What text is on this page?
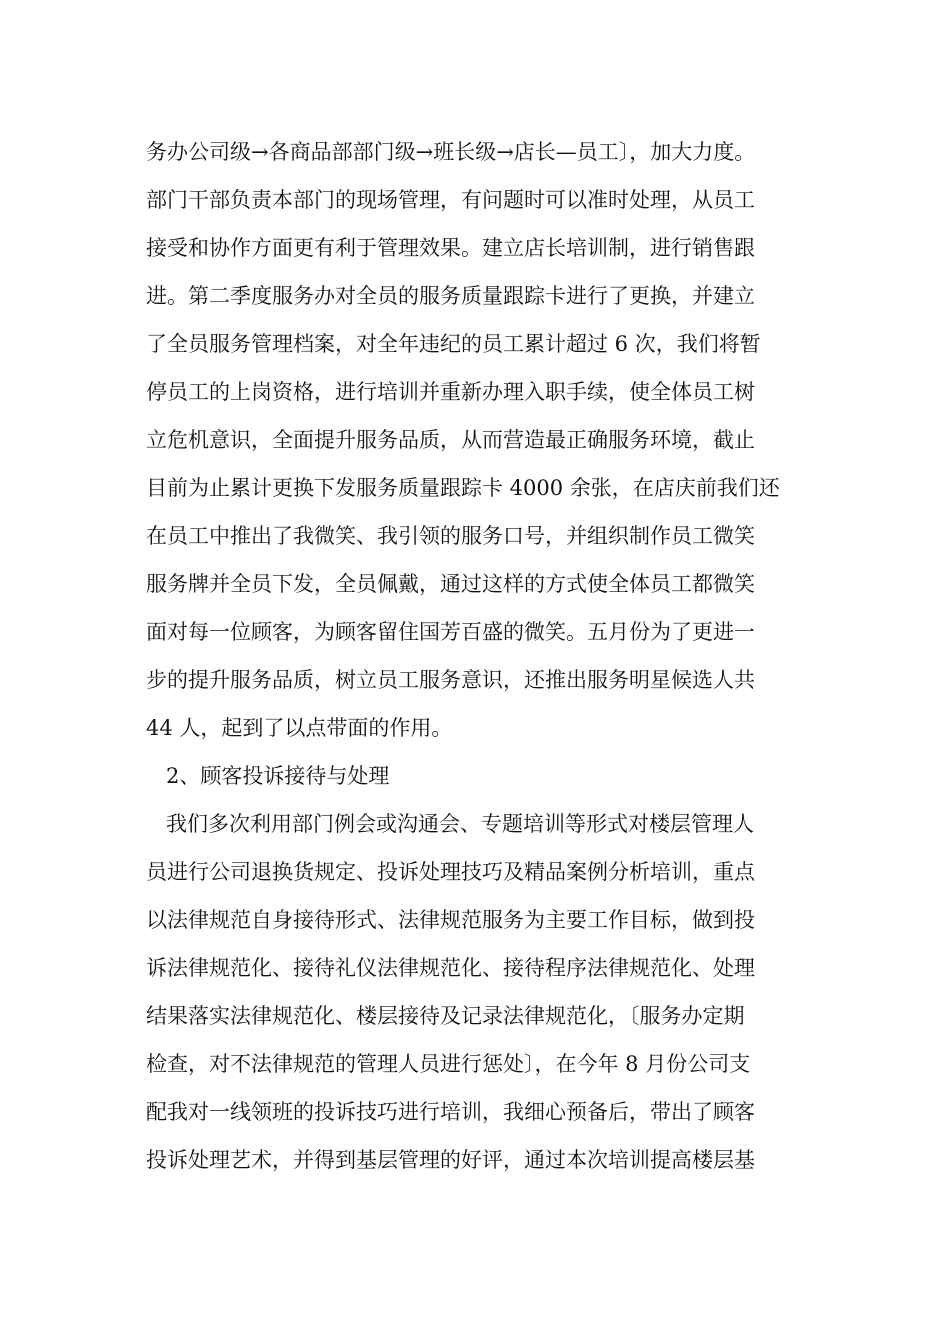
务办公司级→各商品部部门级→班长级→店长—员工〕，加大力度。
部门干部负责本部门的现场管理，有问题时可以准时处理，从员工
接受和协作方面更有利于管理效果。建立店长培训制，进行销售跟
进。第二季度服务办对全员的服务质量跟踪卡进行了更换，并建立
了全员服务管理档案，对全年违纪的员工累计超过 6 次，我们将暂
停员工的上岗资格，进行培训并重新办理入职手续，使全体员工树
立危机意识，全面提升服务品质，从而营造最正确服务环境，截止
目前为止累计更换下发服务质量跟踪卡 4000 余张，在店庆前我们还
在员工中推出了我微笑、我引领的服务口号，并组织制作员工微笑
服务牌并全员下发，全员佩戴，通过这样的方式使全体员工都微笑
面对每一位顾客，为顾客留住国芳百盛的微笑。五月份为了更进一
步的提升服务品质，树立员工服务意识，还推出服务明星候选人共
44 人，起到了以点带面的作用。
2、顾客投诉接待与处理
我们多次利用部门例会或沟通会、专题培训等形式对楼层管理人
员进行公司退换货规定、投诉处理技巧及精品案例分析培训，重点
以法律规范自身接待形式、法律规范服务为主要工作目标，做到投
诉法律规范化、接待礼仪法律规范化、接待程序法律规范化、处理
结果落实法律规范化、楼层接待及记录法律规范化，〔服务办定期
检查，对不法律规范的管理人员进行惩处〕，在今年 8 月份公司支
配我对一线领班的投诉技巧进行培训，我细心预备后，带出了顾客
投诉处理艺术，并得到基层管理的好评，通过本次培训提高楼层基
